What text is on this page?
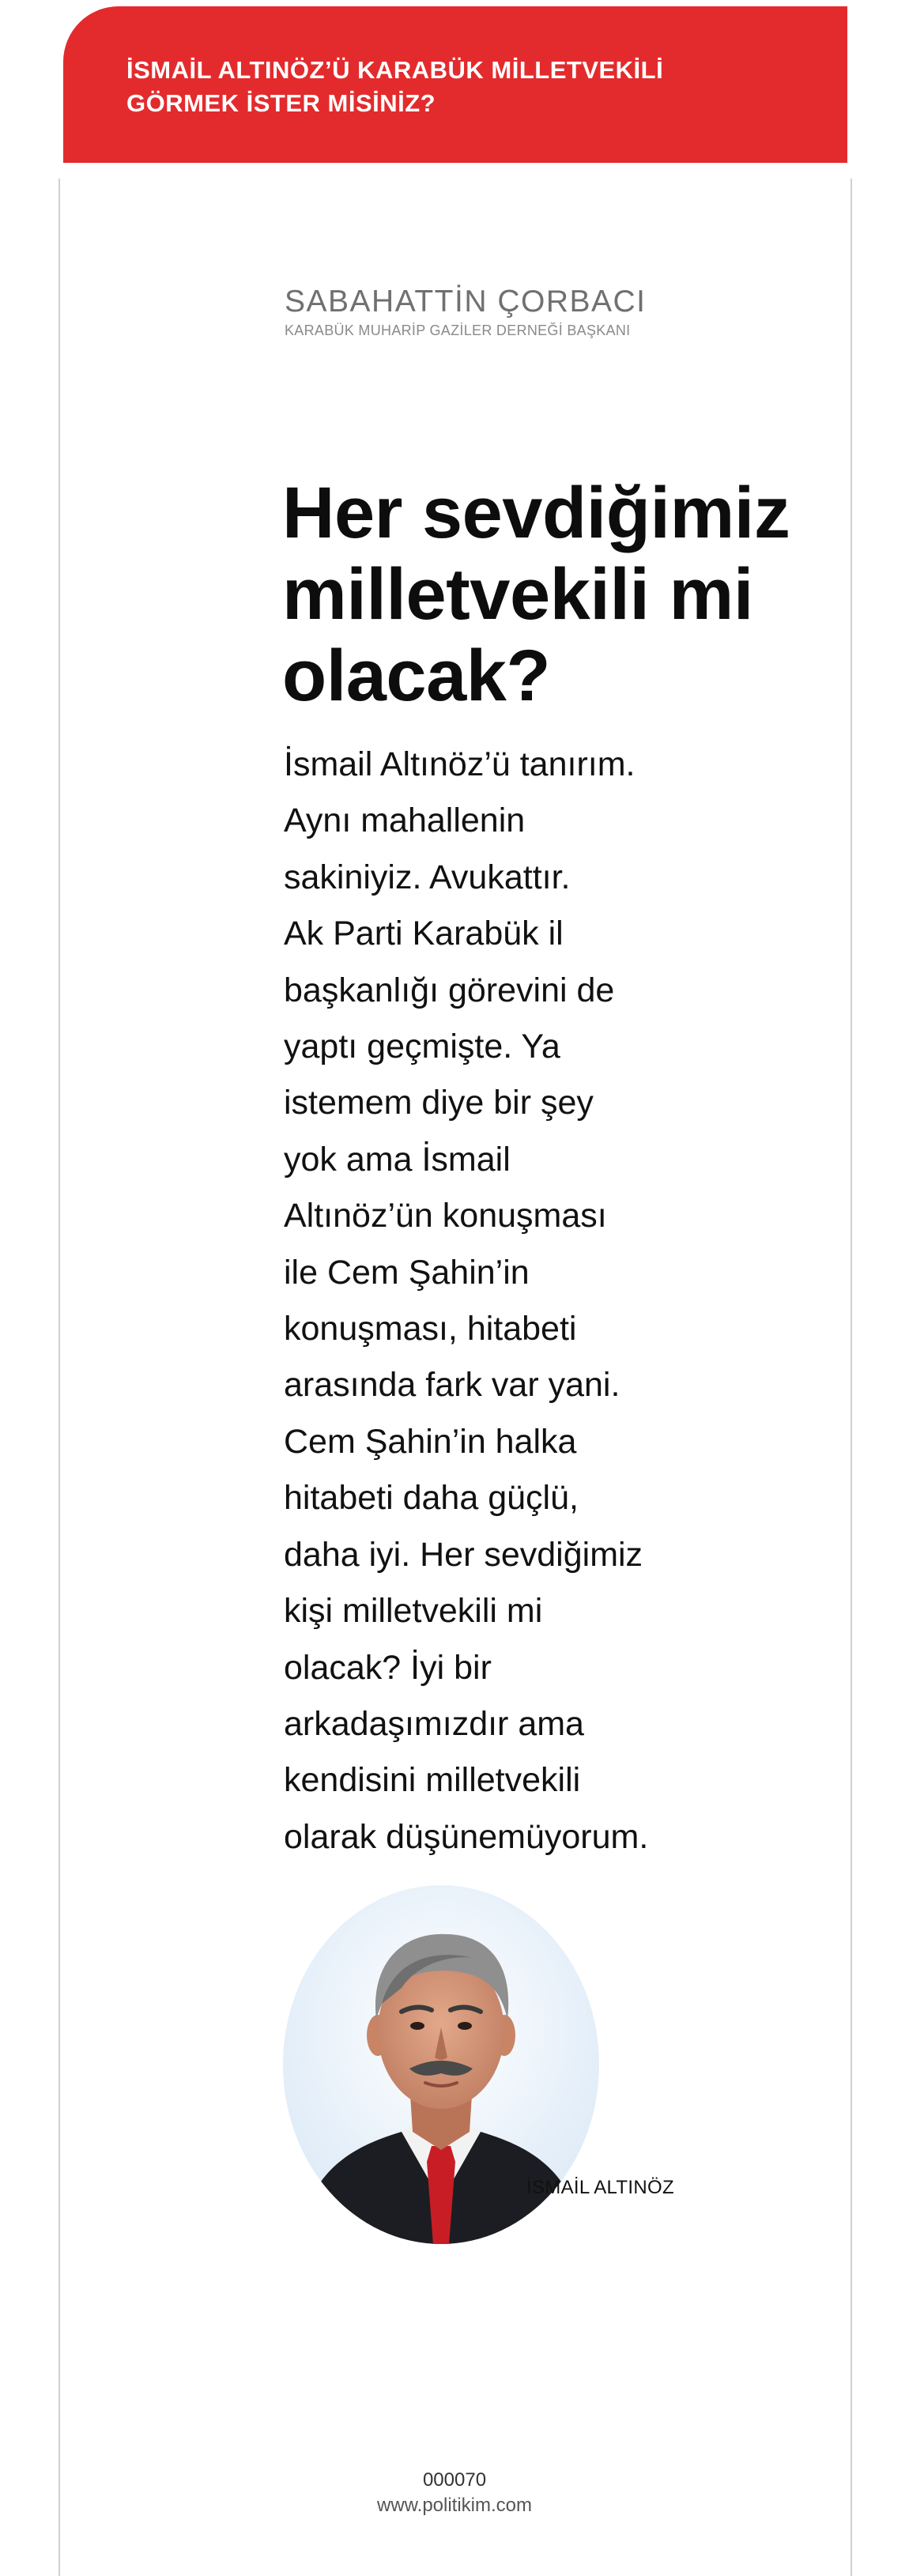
İSMAİL ALTINÖZ’Ü KARABÜK MİLLETVEKİLİ
GÖRMEK İSTER MİSİNİZ?
SABAHATTİN ÇORBACI
KARABÜK MUHARİP GAZİLER DERNEĞİ BAŞKANI
Her sevdiğimiz
milletvekili mi
olacak?
İsmail Altınöz’ü tanırım.
Aynı mahallenin
sakiniyiz. Avukattır.
Ak Parti Karabük il
başkanlığı görevini de
yaptı geçmişte. Ya
istemem diye bir şey
yok ama İsmail
Altınöz’ün konuşması
ile Cem Şahin’in
konuşması, hitabeti
arasında fark var yani.
Cem Şahin’in halka
hitabeti daha güçlü,
daha iyi. Her sevdiğimiz
kişi milletvekili mi
olacak? İyi bir
arkadaşımızdır ama
kendisini milletvekili
olarak düşünemüyorum.
İSMAİL ALTINÖZ
000070
www.politikim.com
